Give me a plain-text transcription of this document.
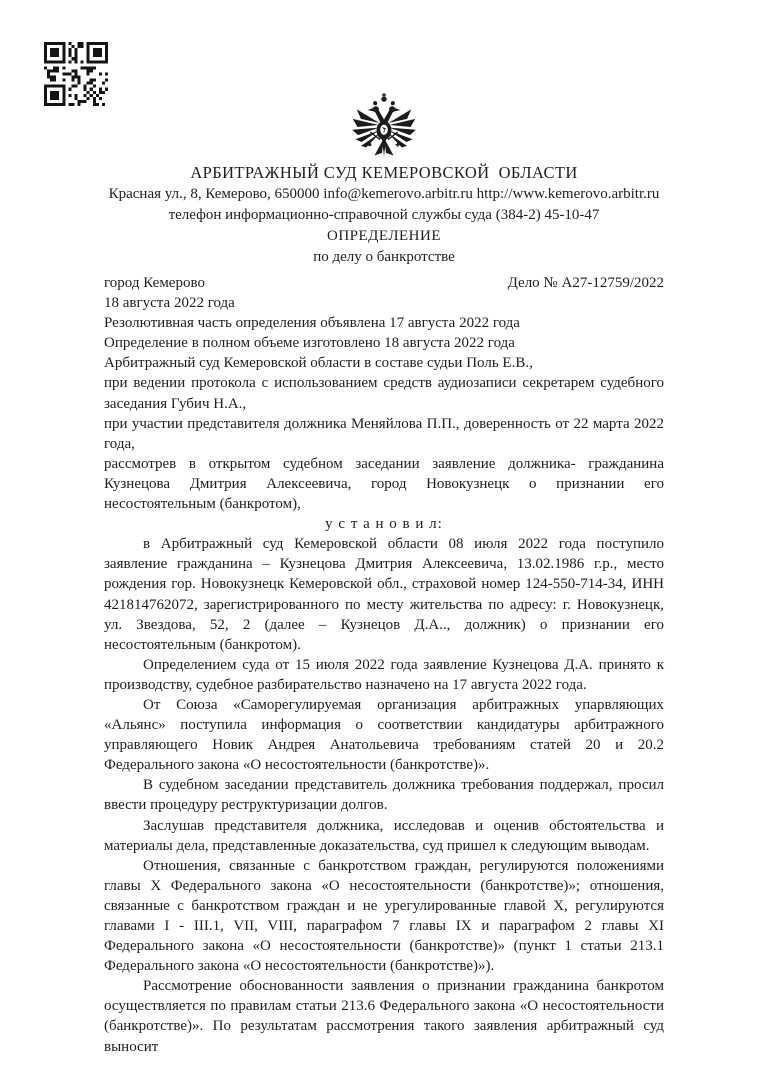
АРБИТРАЖНЫЙ СУД КЕМЕРОВСКОЙ  ОБЛАСТИ
Красная ул., 8, Кемерово, 650000 info@kemerovo.arbitr.ru http://www.kemerovo.arbitr.ru
телефон информационно-справочной службы суда (384-2) 45-10-47
ОПРЕДЕЛЕНИЕ
по делу о банкротстве
город Кемерово	Дело № А27-12759/2022
18 августа 2022 года
Резолютивная часть определения объявлена 17 августа 2022 года
Определение в полном объеме изготовлено 18 августа 2022 года
Арбитражный суд Кемеровской области в составе судьи Поль Е.В.,
при ведении протокола с использованием средств аудиозаписи секретарем судебного заседания Губич Н.А.,
при участии представителя должника Меняйлова П.П., доверенность от 22 марта 2022 года,
рассмотрев в открытом судебном заседании заявление должника- гражданина Кузнецова Дмитрия Алексеевича, город Новокузнецк о признании его несостоятельным (банкротом),
у с т а н о в и л:
в Арбитражный суд Кемеровской области 08 июля 2022 года поступило заявление гражданина – Кузнецова Дмитрия Алексеевича, 13.02.1986 г.р., место рождения гор. Новокузнецк Кемеровской обл., страховой номер 124-550-714-34, ИНН 421814762072, зарегистрированного по месту жительства по адресу: г. Новокузнецк, ул. Звездова, 52, 2 (далее – Кузнецов Д.А.., должник) о признании его несостоятельным (банкротом).
Определением суда от 15 июля 2022 года заявление Кузнецова Д.А. принято к производству, судебное разбирательство назначено на 17 августа 2022 года.
От Союза «Саморегулируемая организация арбитражных упарвляющих «Альянс» поступила информация о соответствии кандидатуры арбитражного управляющего Новик Андрея Анатольевича требованиям статей 20 и 20.2 Федерального закона «О несостоятельности (банкротстве)».
В судебном заседании представитель должника требования поддержал, просил ввести процедуру реструктуризации долгов.
Заслушав представителя должника, исследовав и оценив обстоятельства и материалы дела, представленные доказательства, суд пришел к следующим выводам.
Отношения, связанные с банкротством граждан, регулируются положениями главы X Федерального закона «О несостоятельности (банкротстве)»; отношения, связанные с банкротством граждан и не урегулированные главой X, регулируются главами I - III.1, VII, VIII, параграфом 7 главы IX и параграфом 2 главы XI Федерального закона «О несостоятельности (банкротстве)» (пункт 1 статьи 213.1 Федерального закона «О несостоятельности (банкротстве)»).
Рассмотрение обоснованности заявления о признании гражданина банкротом осуществляется по правилам статьи 213.6 Федерального закона «О несостоятельности (банкротстве)». По результатам рассмотрения такого заявления арбитражный суд выносит
